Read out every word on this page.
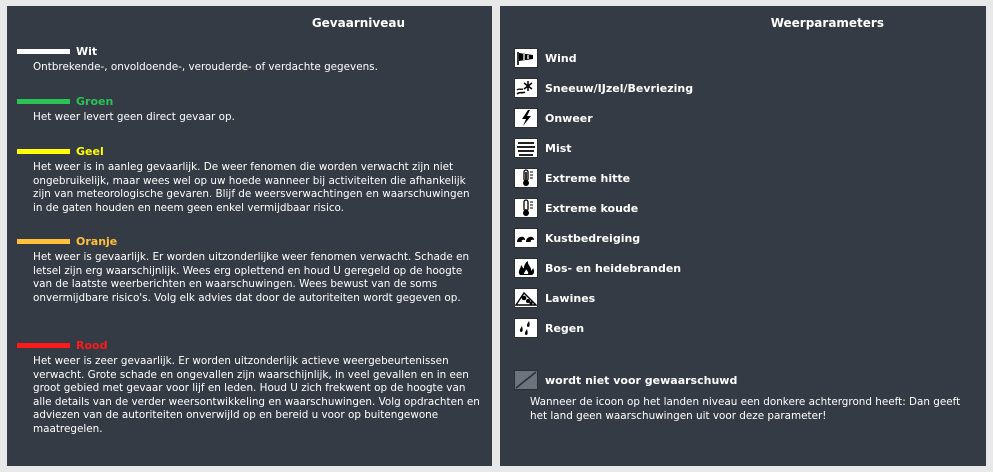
Gevaarniveau
Wit
Ontbrekende-, onvoldoende-, verouderde- of verdachte gegevens.
Groen
Het weer levert geen direct gevaar op.
Geel
Het weer is in aanleg gevaarlijk. De weer fenomen die worden verwacht zijn niet ongebruikelijk, maar wees wel op uw hoede wanneer bij activiteiten die afhankelijk zijn van meteorologische gevaren. Blijf de weersverwachtingen en waarschuwingen in de gaten houden en neem geen enkel vermijdbaar risico.
Oranje
Het weer is gevaarlijk. Er worden uitzonderlijke weer fenomen verwacht. Schade en letsel zijn erg waarschijnlijk. Wees erg oplettend en houd U geregeld op de hoogte van de laatste weerberichten en waarschuwingen. Wees bewust van de soms onvermijdbare risico's. Volg elk advies dat door de autoriteiten wordt gegeven op.
Rood
Het weer is zeer gevaarlijk. Er worden uitzonderlijk actieve weergebeurtenissen verwacht. Grote schade en ongevallen zijn waarschijnlijk, in veel gevallen en in een groot gebied met gevaar voor lijf en leden. Houd U zich frekwent op de hoogte van alle details van de verder weersontwikkeling en waarschuwingen. Volg opdrachten en adviezen van de autoriteiten onverwijld op en bereid u voor op buitengewone maatregelen.
Weerparameters
Wind
Sneeuw/IJzel/Bevriezing
Onweer
Mist
Extreme hitte
Extreme koude
Kustbedreiging
Bos- en heidebranden
Lawines
Regen
wordt niet voor gewaarschuwd
Wanneer de icoon op het landen niveau een donkere achtergrond heeft: Dan geeft het land geen waarschuwingen uit voor deze parameter!
